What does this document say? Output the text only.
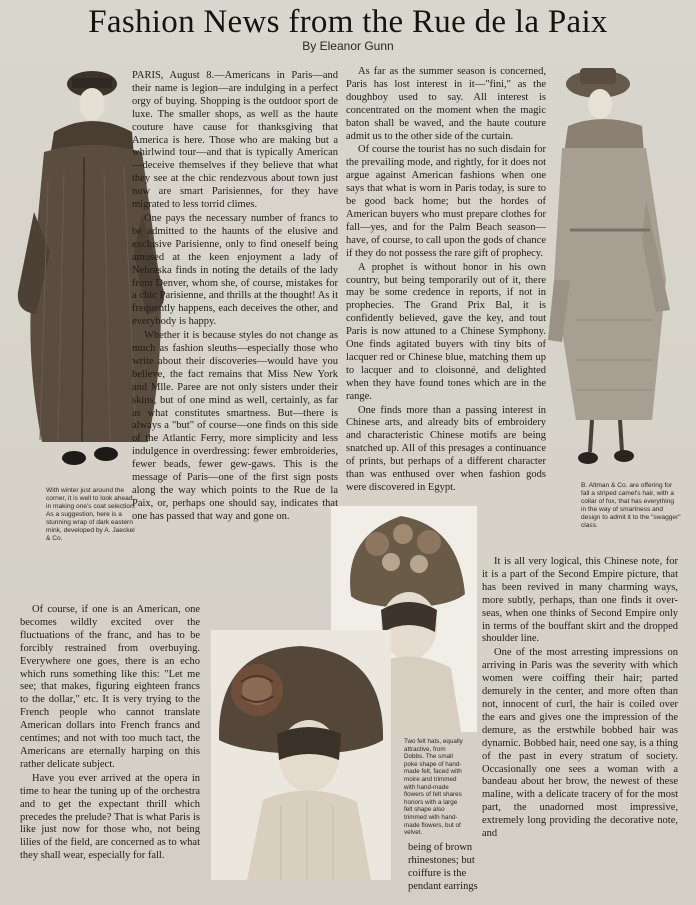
Fashion News from the Rue de la Paix
By Eleanor Gunn
With winter just around the corner, it is well to look ahead in making one's coat selection. As a suggestion, here is a stunning wrap of dark eastern mink, developed by A. Jaeckel & Co.
B. Altman & Co. are offering for fall a striped camel's hair, with a collar of fox, that has everything in the way of smartness and design to admit it to the "swagger" class.
Two felt hats, equally attractive, from Dobbs. The small poke shape of hand-made felt, faced with moire and trimmed with hand-made flowers of felt shares honors with a large felt shape also trimmed with hand-made flowers, but of velvet.

PARIS, August 8.—Americans in Paris—and their name is legion—are indulging in a perfect orgy of buying. Shopping is the outdoor sport de luxe. The smaller shops, as well as the haute couture have cause for thanksgiving that America is here. Those who are making but a whirlwind tour—and that is typically American—deceive themselves if they believe that what they see at the chic rendezvous about town just now are smart Parisiennes, for they have migrated to less torrid climes.

One pays the necessary number of francs to be admitted to the haunts of the elusive and exclusive Parisienne, only to find oneself being amused at the keen enjoyment a lady of Nebraska finds in noting the details of the lady from Denver, whom she, of course, mistakes for a chic Parisienne, and thrills at the thought! As it frequently happens, each deceives the other, and everybody is happy.

Whether it is because styles do not change as much as fashion sleuths—especially those who write about their discoveries—would have you believe, the fact remains that Miss New York and Mlle. Paree are not only sisters under their skins, but of one mind as well, certainly, as far as what constitutes smartness. But—there is always a "but" of course—one finds on this side of the Atlantic Ferry, more simplicity and less indulgence in overdressing: fewer embroideries, fewer beads, fewer gew-gaws. This is the message of Paris—one of the first sign posts along the way which points to the Rue de la Paix, or, perhaps one should say, indicates that one has passed that way and gone on.

Of course, if one is an American, one becomes wildly excited over the fluctuations of the franc, and has to be forcibly restrained from overbuying. Everywhere one goes, there is an echo which runs something like this: "Let me see; that makes, figuring eighteen francs to the dollar," etc. It is very trying to the French people who cannot translate American dollars into French francs and centimes; and not with too much tact, the Americans are eternally harping on this rather delicate subject.

Have you ever arrived at the opera in time to hear the tuning up of the orchestra and to get the expectant thrill which precedes the prelude? That is what Paris is like just now for those who, not being lilies of the field, are concerned as to what they shall wear, especially for fall.

As far as the summer season is concerned, Paris has lost interest in it—"fini," as the doughboy used to say. All interest is concentrated on the moment when the magic baton shall be waved, and the haute couture admit us to the other side of the curtain.

Of course the tourist has no such disdain for the prevailing mode, and rightly, for it does not argue against American fashions when one says that what is worn in Paris today, is sure to be good back home; but the hordes of American buyers who must prepare clothes for fall—yes, and for the Palm Beach season—have, of course, to call upon the gods of chance if they do not possess the rare gift of prophecy.

A prophet is without honor in his own country, but being temporarily out of it, there may be some credence in reports, if not in prophecies. The Grand Prix Bal, it is confidently believed, gave the key, and tout Paris is now attuned to a Chinese Symphony. One finds agitated buyers with tiny bits of lacquer red or Chinese blue, matching them up to lacquer and to cloisonné, and delighted when they have found tones which are in the range.

One finds more than a passing interest in Chinese arts, and already bits of embroidery and characteristic Chinese motifs are being snatched up. All of this presages a continuance of prints, but perhaps of a different character than was enthused over when fashion gods were discovered in Egypt.

It is all very logical, this Chinese note, for it is a part of the Second Empire picture, that has been revived in many charming ways, more subtly, perhaps, than one finds it over-seas, when one thinks of Second Empire only in terms of the bouffant skirt and the dropped shoulder line.

One of the most arresting impressions on arriving in Paris was the severity with which women were coiffing their hair; parted demurely in the center, and more often than not, innocent of curl, the hair is coiled over the ears and gives one the impression of the demure, as the erstwhile bobbed hair was dynamic. Bobbed hair, need one say, is a thing of the past in every stratum of society. Occasionally one sees a woman with a bandeau about her brow, the newest of these maline, with a delicate tracery of for the most part, the unadorned most impressive, extremely long providing the decorative note, and

being of brown rhinestones; but coiffure is the pendant earrings
